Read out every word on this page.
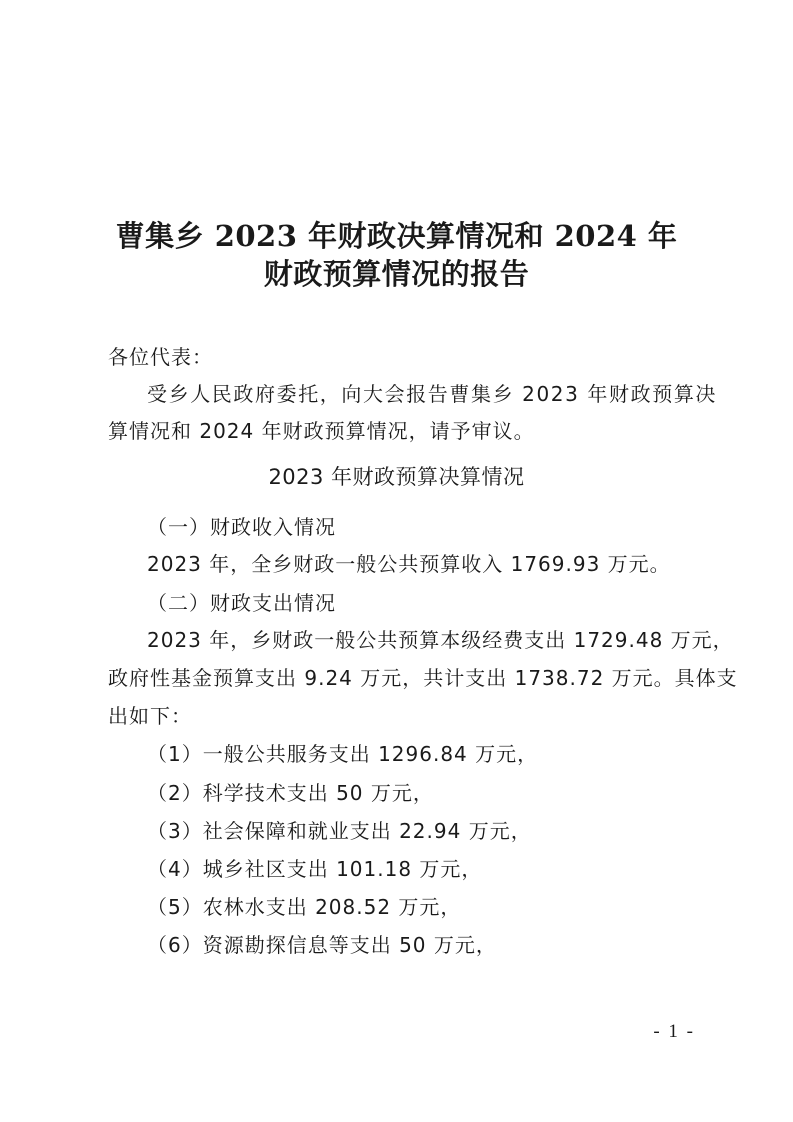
曹集乡 2023 年财政决算情况和 2024 年
财政预算情况的报告
各位代表：
受乡人民政府委托，向大会报告曹集乡 2023 年财政预算决
算情况和 2024 年财政预算情况，请予审议。
2023 年财政预算决算情况
（一）财政收入情况
2023 年，全乡财政一般公共预算收入 1769.93 万元。
（二）财政支出情况
2023 年，乡财政一般公共预算本级经费支出 1729.48 万元，
政府性基金预算支出 9.24 万元，共计支出 1738.72 万元。具体支
出如下：
（1）一般公共服务支出 1296.84 万元，
（2）科学技术支出 50 万元，
（3）社会保障和就业支出 22.94 万元，
（4）城乡社区支出 101.18 万元，
（5）农林水支出 208.52 万元，
（6）资源勘探信息等支出 50 万元，
- 1 -
